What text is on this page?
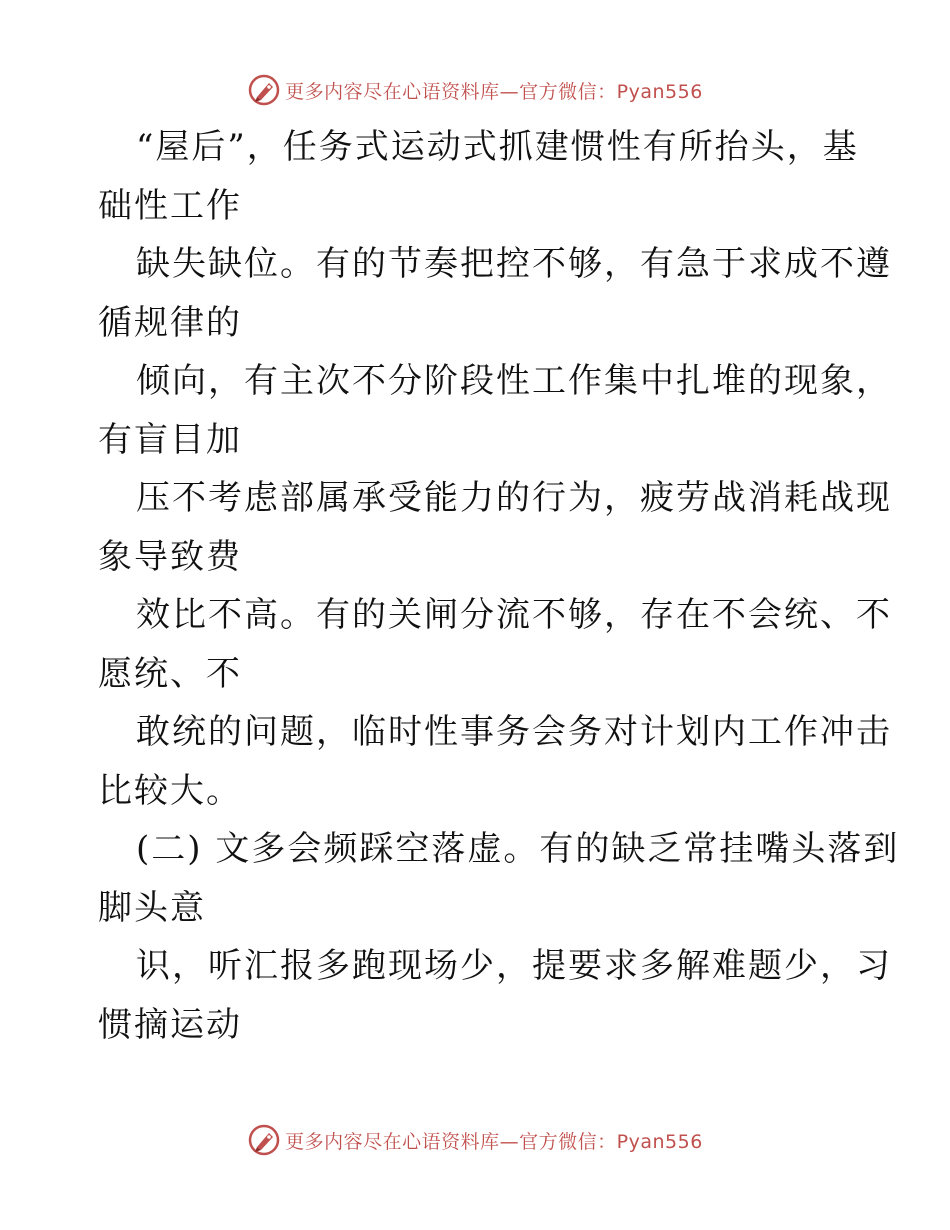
更多内容尽在心语资料库—官方微信：Pyan556
“屋后”，任务式运动式抓建惯性有所抬头，基
础性工作
缺失缺位。有的节奏把控不够，有急于求成不遵
循规律的
倾向，有主次不分阶段性工作集中扎堆的现象，
有盲目加
压不考虑部属承受能力的行为，疲劳战消耗战现
象导致费
效比不高。有的关闸分流不够，存在不会统、不
愿统、不
敢统的问题，临时性事务会务对计划内工作冲击
比较大。
(二) 文多会频踩空落虚。有的缺乏常挂嘴头落到
脚头意
识，听汇报多跑现场少，提要求多解难题少，习
惯摘运动
更多内容尽在心语资料库—官方微信：Pyan556
